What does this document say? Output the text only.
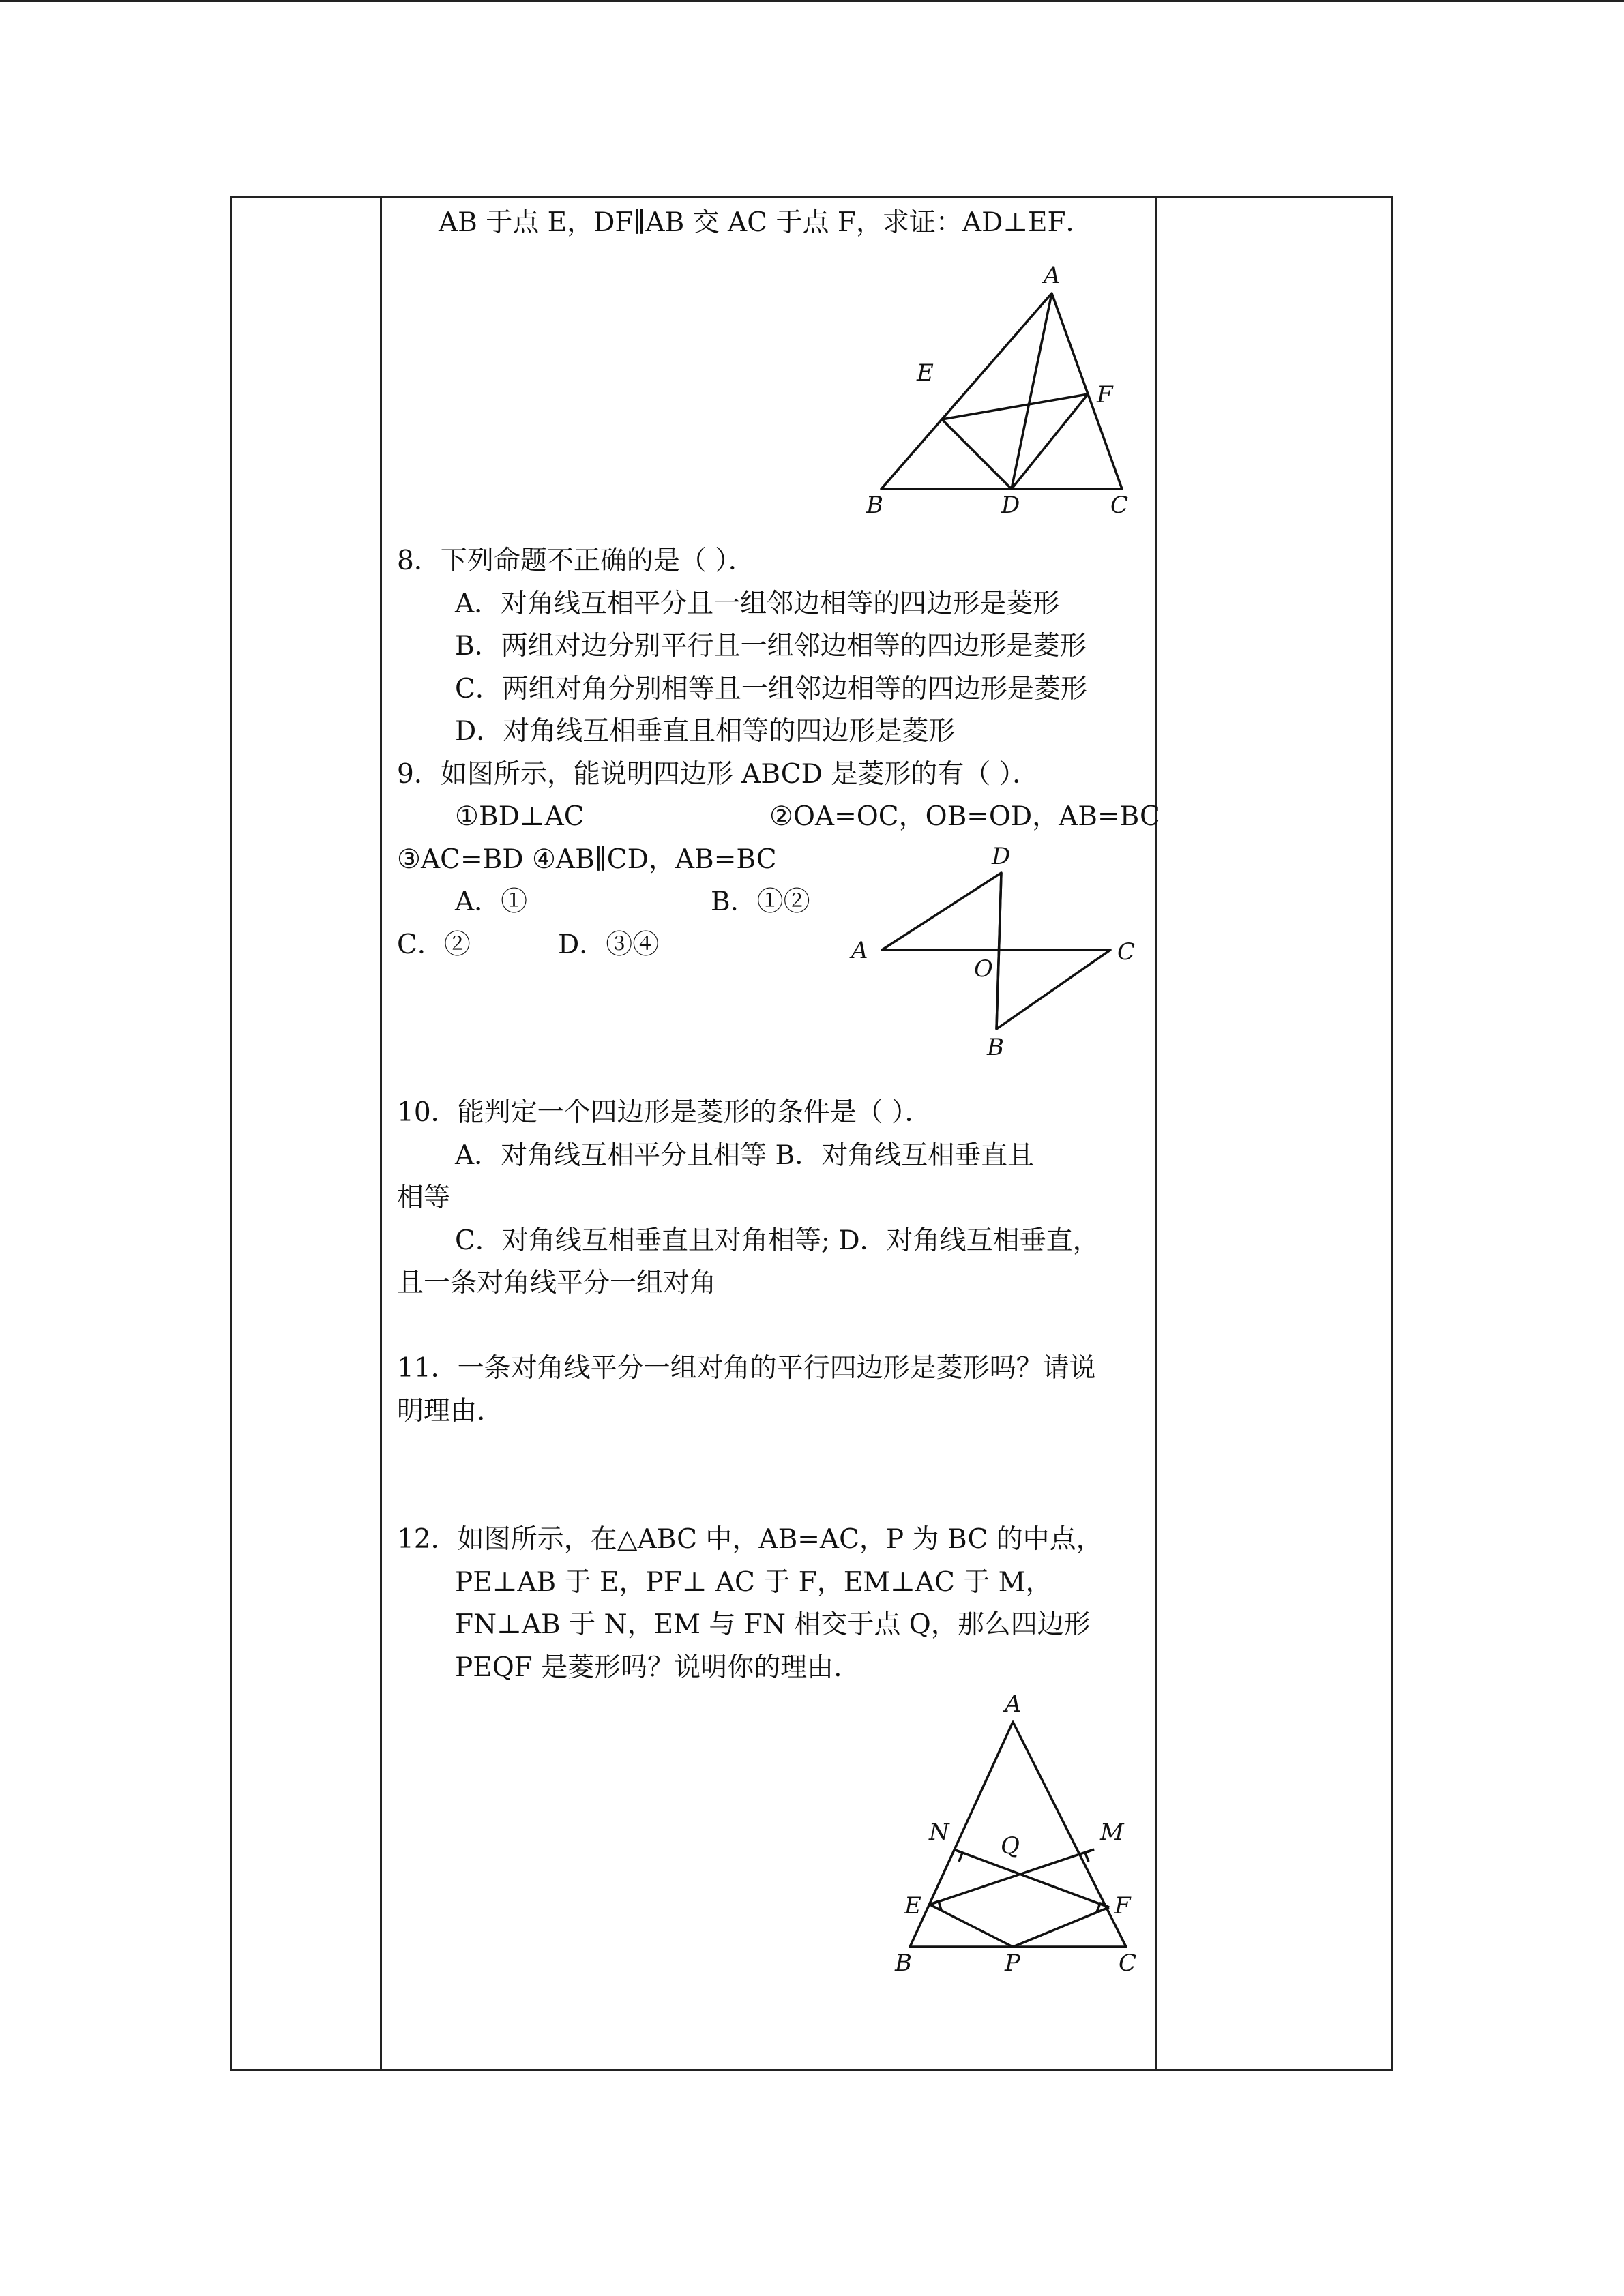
AB 于点 E，DF∥AB 交 AC 于点 F，求证：AD⊥EF．
A
B	C
D
E
F
8．下列命题不正确的是（ ）．
A．对角线互相平分且一组邻边相等的四边形是菱形
B．两组对边分别平行且一组邻边相等的四边形是菱形
C．两组对角分别相等且一组邻边相等的四边形是菱形
D．对角线互相垂直且相等的四边形是菱形
9．如图所示，能说明四边形 ABCD 是菱形的有（ ）．
①BD⊥AC	②OA=OC，OB=OD，AB=BC
③AC=BD ④AB∥CD，AB=BC
A．①	B．①②
C．②	D．③④
D
A	C
O
B
10．能判定一个四边形是菱形的条件是（ ）．
A．对角线互相平分且相等 B．对角线互相垂直且
相等
C．对角线互相垂直且对角相等; D．对角线互相垂直，
且一条对角线平分一组对角
11．一条对角线平分一组对角的平行四边形是菱形吗？请说
明理由.
12．如图所示，在△ABC 中，AB=AC，P 为 BC 的中点，
PE⊥AB 于 E，PF⊥ AC 于 F，EM⊥AC 于 M，
FN⊥AB 于 N，EM 与 FN 相交于点 Q，那么四边形
PEQF 是菱形吗？说明你的理由.
A
B	C
P
E	F
N	M
Q
